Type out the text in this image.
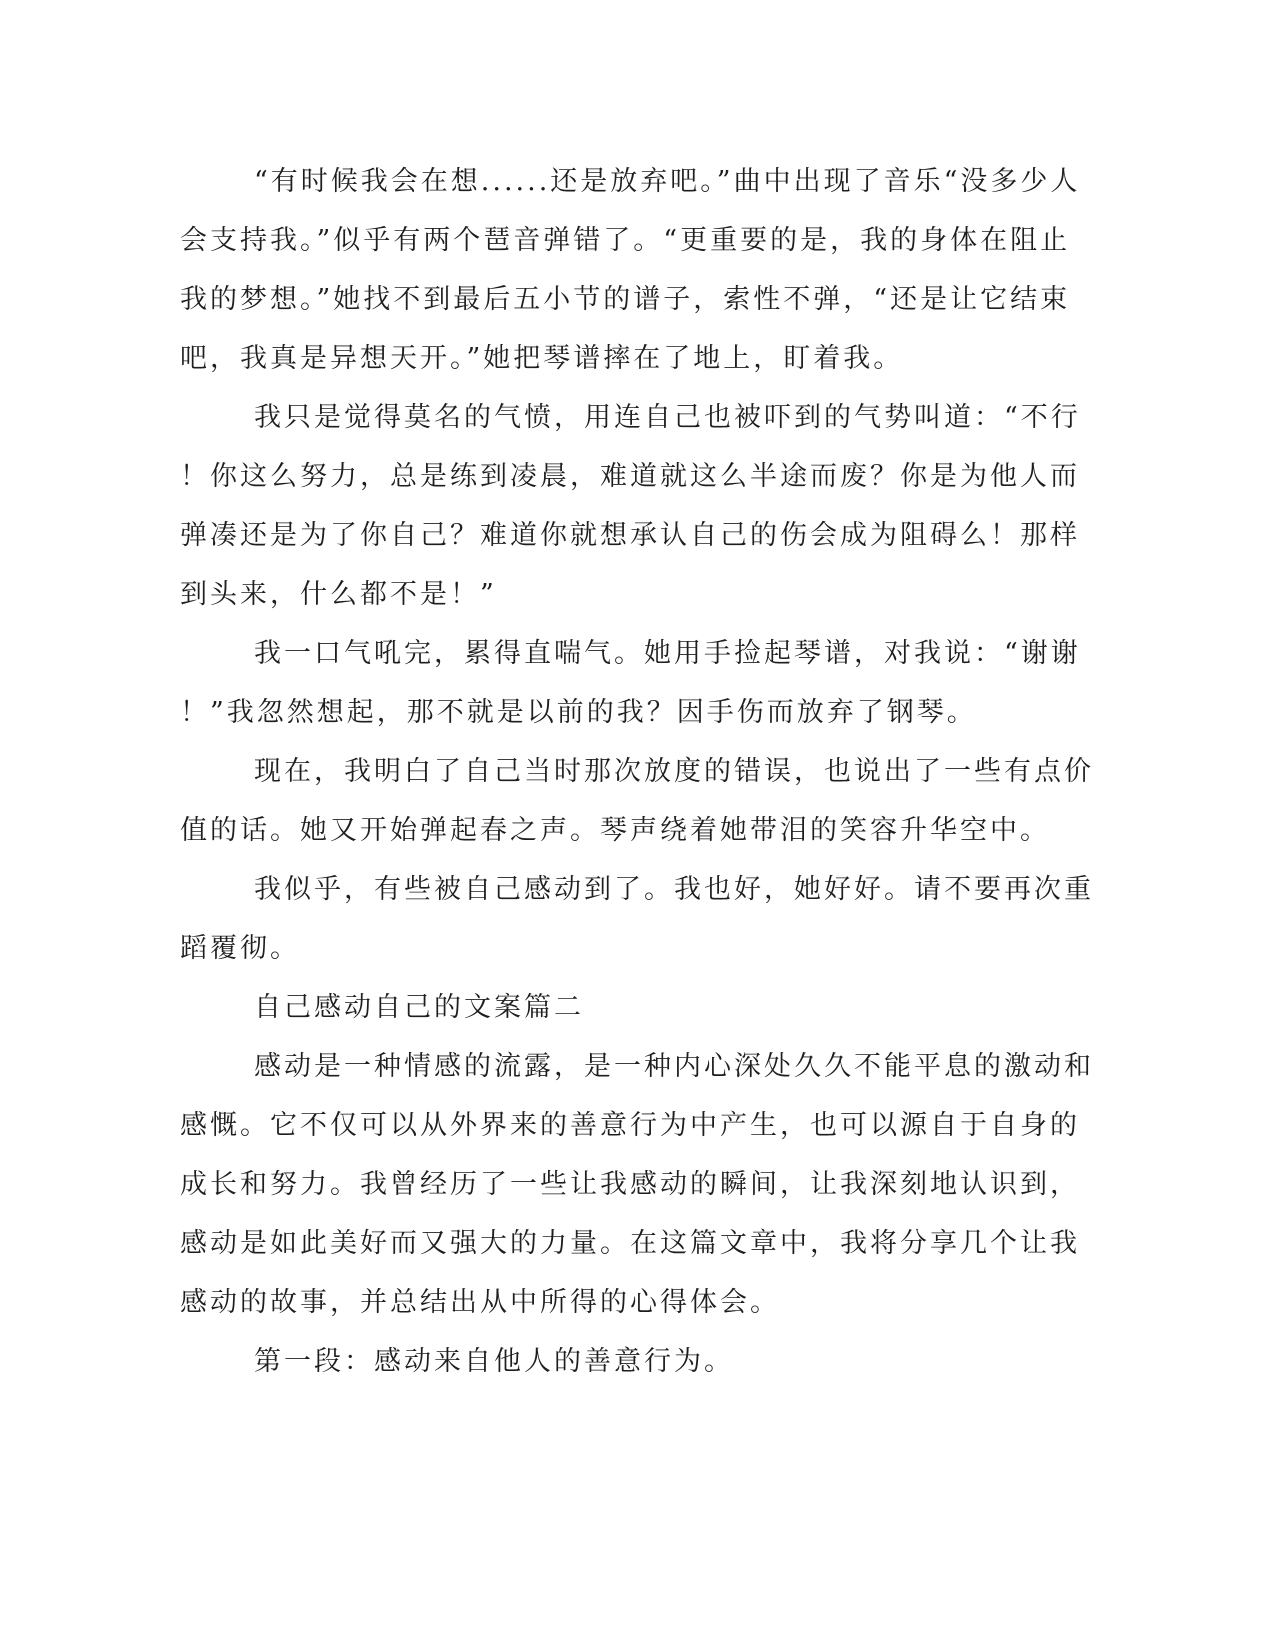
“有时候我会在想......还是放弃吧。”曲中出现了音乐“没多少人
会支持我。”似乎有两个琶音弹错了。“更重要的是，我的身体在阻止
我的梦想。”她找不到最后五小节的谱子，索性不弹，“还是让它结束
吧，我真是异想天开。”她把琴谱摔在了地上，盯着我。
我只是觉得莫名的气愤，用连自己也被吓到的气势叫道：“不行
！你这么努力，总是练到凌晨，难道就这么半途而废？你是为他人而
弹凑还是为了你自己？难道你就想承认自己的伤会成为阻碍么！那样
到头来，什么都不是！”
我一口气吼完，累得直喘气。她用手捡起琴谱，对我说：“谢谢
！”我忽然想起，那不就是以前的我？因手伤而放弃了钢琴。
现在，我明白了自己当时那次放度的错误，也说出了一些有点价
值的话。她又开始弹起春之声。琴声绕着她带泪的笑容升华空中。
我似乎，有些被自己感动到了。我也好，她好好。请不要再次重
蹈覆彻。
自己感动自己的文案篇二
感动是一种情感的流露，是一种内心深处久久不能平息的激动和
感慨。它不仅可以从外界来的善意行为中产生，也可以源自于自身的
成长和努力。我曾经历了一些让我感动的瞬间，让我深刻地认识到，
感动是如此美好而又强大的力量。在这篇文章中，我将分享几个让我
感动的故事，并总结出从中所得的心得体会。
第一段：感动来自他人的善意行为。
